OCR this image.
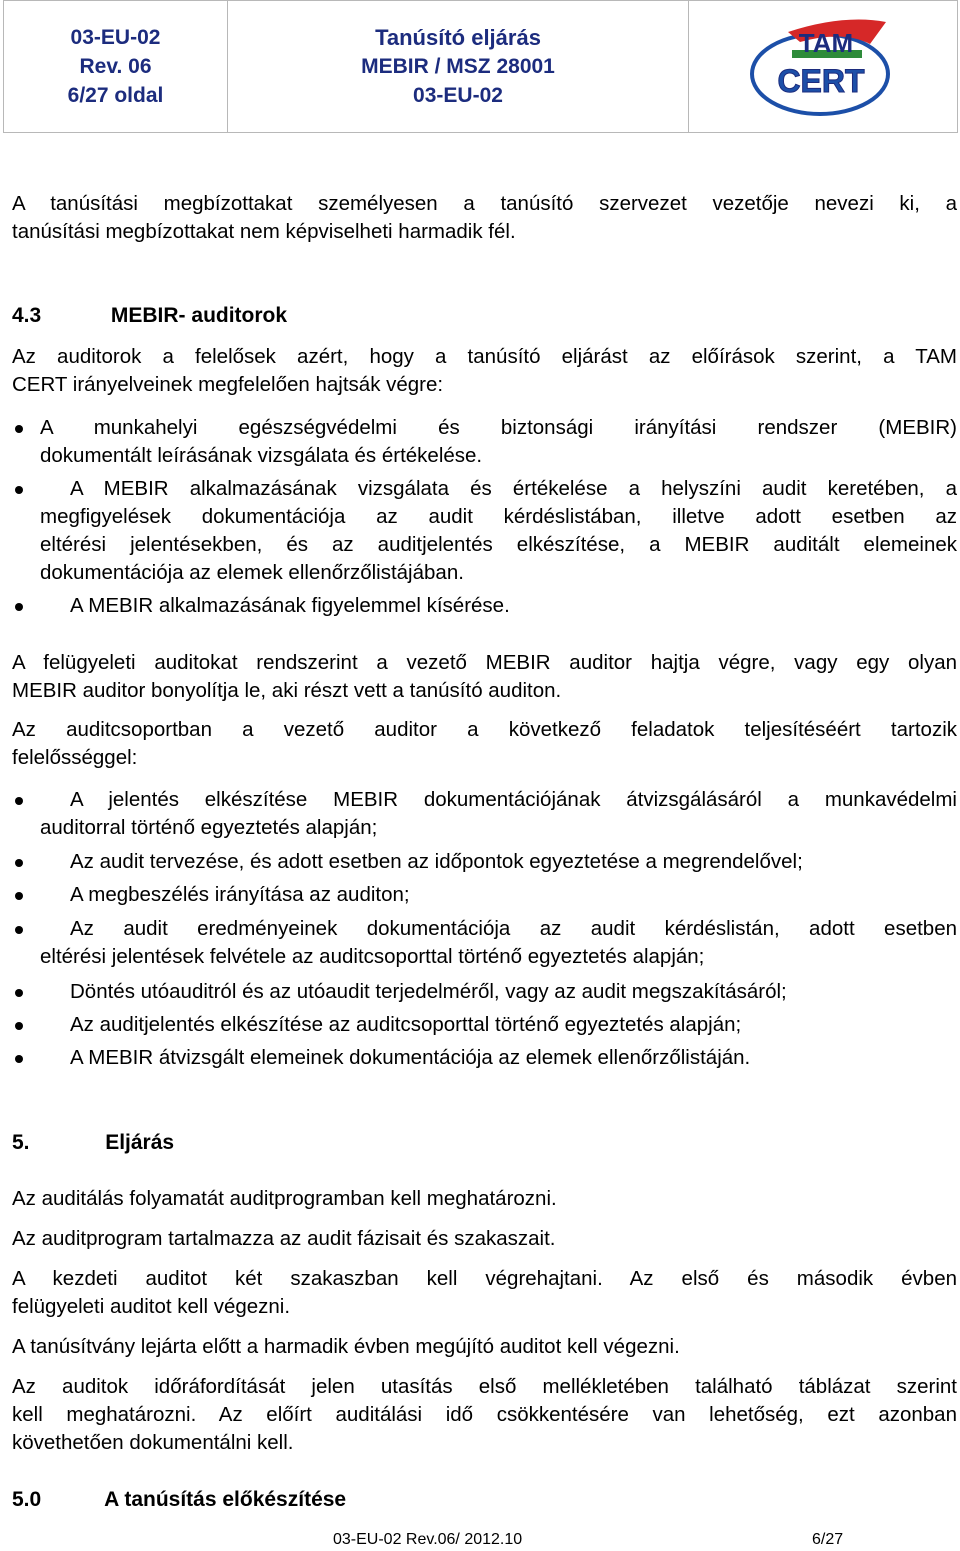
03-EU-02
Rev. 06
6/27 oldal
Tanúsító eljárás
MEBIR / MSZ 28001
03-EU-02
TAM
CERT
A tanúsítási megbízottakat személyesen a tanúsító szervezet vezetője nevezi ki, a
tanúsítási megbízottakat nem képviselheti harmadik fél.
4.3	MEBIR- auditorok
Az auditorok a felelősek azért, hogy a tanúsító eljárást az előírások szerint, a TAM
CERT irányelveinek megfelelően hajtsák végre:
A munkahelyi egészségvédelmi és biztonsági irányítási rendszer (MEBIR)
dokumentált leírásának vizsgálata és értékelése.
A MEBIR alkalmazásának vizsgálata és értékelése a helyszíni audit keretében, a
megfigyelések dokumentációja az audit kérdéslistában, illetve adott esetben az
eltérési jelentésekben, és az auditjelentés elkészítése, a MEBIR auditált elemeinek
dokumentációja az elemek ellenőrzőlistájában.
A MEBIR alkalmazásának figyelemmel kísérése.
A felügyeleti auditokat rendszerint a vezető MEBIR auditor hajtja végre, vagy egy olyan
MEBIR auditor bonyolítja le, aki részt vett a tanúsító auditon.
Az auditcsoportban a vezető auditor a következő feladatok teljesítéséért tartozik
felelősséggel:
A jelentés elkészítése MEBIR dokumentációjának átvizsgálásáról a munkavédelmi
auditorral történő egyeztetés alapján;
Az audit tervezése, és adott esetben az időpontok egyeztetése a megrendelővel;
A megbeszélés irányítása az auditon;
Az audit eredményeinek dokumentációja az audit kérdéslistán, adott esetben
eltérési jelentések felvétele az auditcsoporttal történő egyeztetés alapján;
Döntés utóauditról és az utóaudit terjedelméről, vagy az audit megszakításáról;
Az auditjelentés elkészítése az auditcsoporttal történő egyeztetés alapján;
A MEBIR átvizsgált elemeinek dokumentációja az elemek ellenőrzőlistáján.
5.	Eljárás
Az auditálás folyamatát auditprogramban kell meghatározni.
Az auditprogram tartalmazza az audit fázisait és szakaszait.
A kezdeti auditot két szakaszban kell végrehajtani. Az első és második évben
felügyeleti auditot kell végezni.
A tanúsítvány lejárta előtt a harmadik évben megújító auditot kell végezni.
Az auditok időráfordítását jelen utasítás első mellékletében található táblázat szerint
kell meghatározni. Az előírt auditálási idő csökkentésére van lehetőség, ezt azonban
követhetően dokumentálni kell.
5.0	A tanúsítás előkészítése
03-EU-02 Rev.06/ 2012.10	6/27
